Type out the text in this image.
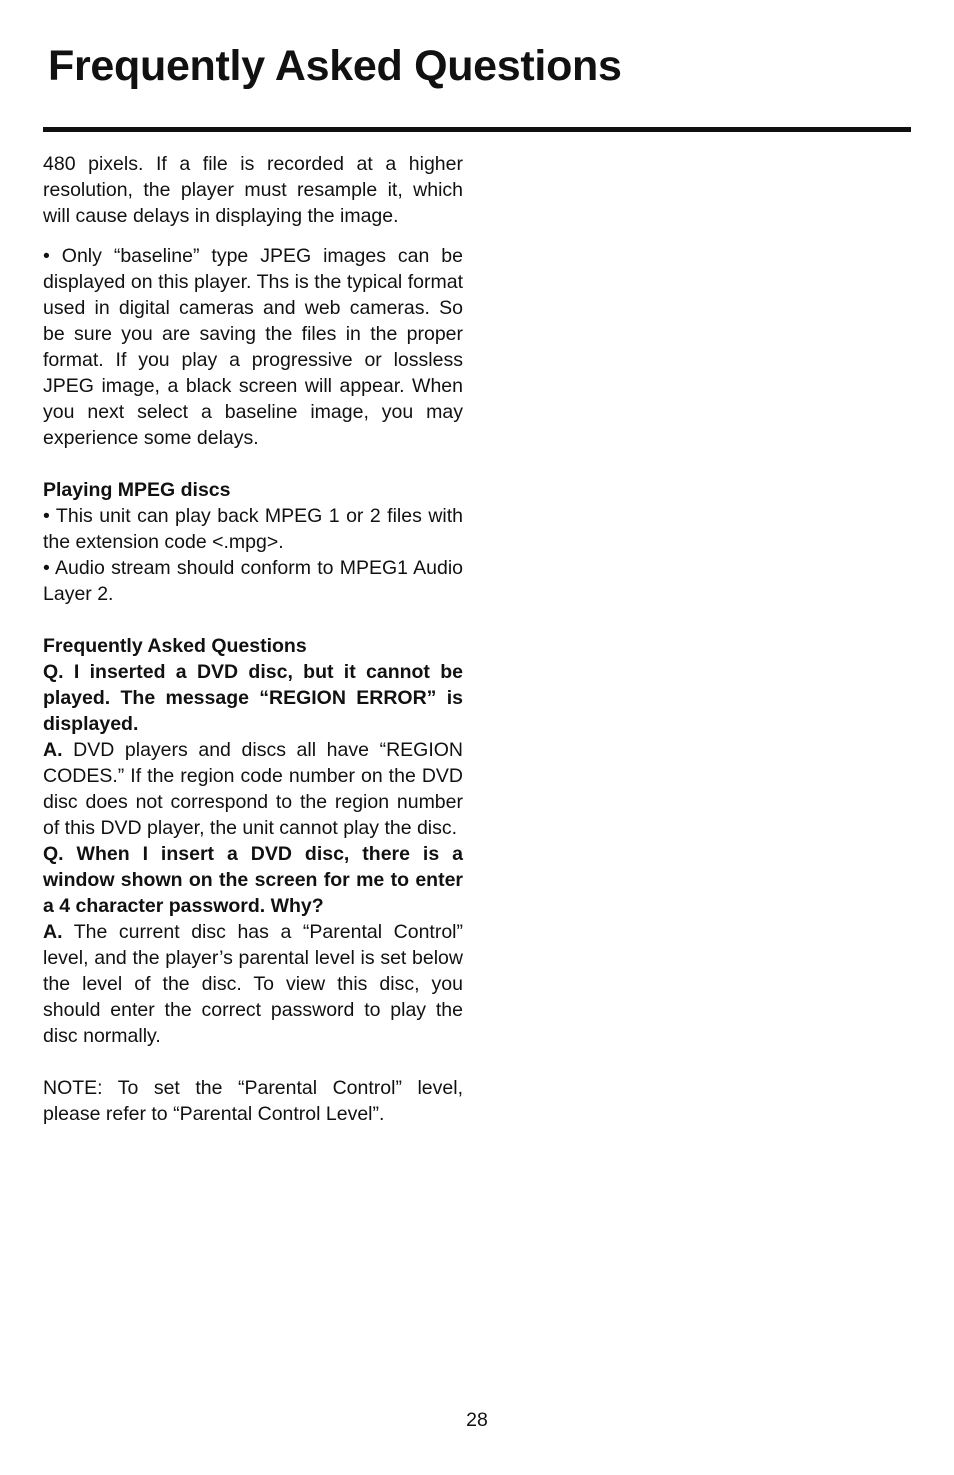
Frequently Asked Questions

480 pixels. If a file is recorded at a higher resolution, the player must resample it, which will cause delays in displaying the image.

• Only “baseline” type JPEG images can be displayed on this player. Ths is the typical format used in digital cameras and web cameras. So be sure you are saving the files in the proper format. If you play a progressive or lossless JPEG image, a black screen will appear. When you next select a baseline image, you may experience some delays.

Playing MPEG discs

• This unit can play back MPEG 1 or 2 files with the extension code <.mpg>.

• Audio stream should conform to MPEG1 Audio Layer 2.

Frequently Asked Questions

Q. I inserted a DVD disc, but it cannot be played. The message “REGION ERROR” is displayed.

A. DVD players and discs all have “REGION CODES.” If the region code number on the DVD disc does not correspond to the region number of this DVD player, the unit cannot play the disc.

Q. When I insert a DVD disc, there is a window shown on the screen for me to enter a 4 character password. Why?

A. The current disc has a “Parental Control” level, and the player’s parental level is set below the level of the disc. To view this disc, you should enter the correct password to play the disc normally.

NOTE: To set the “Parental Control” level, please refer to “Parental Control Level”.

28
